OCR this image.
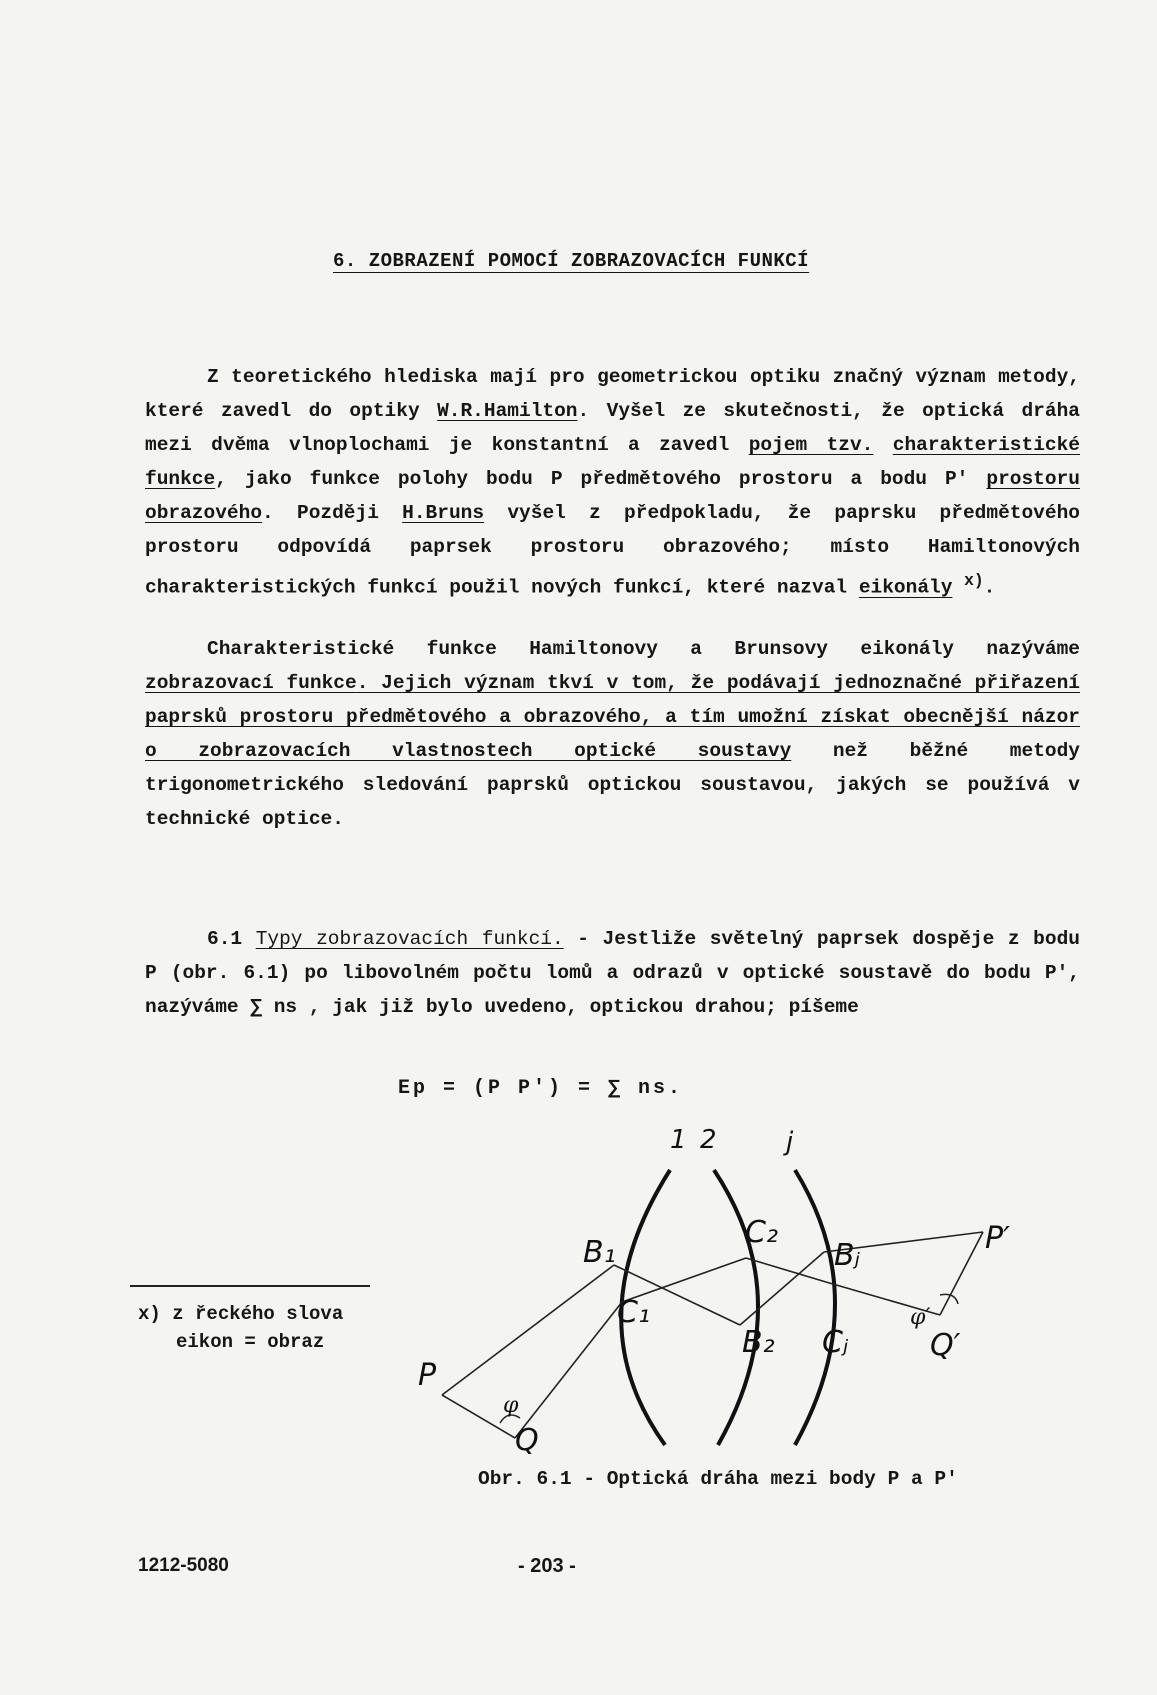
6. ZOBRAZENÍ POMOCÍ ZOBRAZOVACÍCH FUNKCÍ
Z teoretického hlediska mají pro geometrickou optiku značný význam metody, které zavedl do optiky W.R.Hamilton. Vyšel ze skutečnosti, že optická dráha mezi dvěma vlnoplochami je konstantní a zavedl pojem tzv. charakteristické funkce, jako funkce polohy bodu P předmětového prostoru a bodu P′ prostoru obrazového. Později H.Bruns vyšel z předpokladu, že paprsku předmětového prostoru odpovídá paprsek prostoru obrazového; místo Hamiltonových charakteristických funkcí použil nových funkcí, které nazval eikonály $^{x)}$.
Charakteristické funkce Hamiltonovy a Brunsovy eikonály nazýváme zobrazovací funkce. Jejich význam tkví v tom, že podávají jednoznačné přiřazení paprsků prostoru předmětového a obrazového, a tím umožní získat obecnější názor o zobrazovacích vlastnostech optické soustavy než běžné metody trigonometrického sledování paprsků optickou soustavou, jakých se používá v technické optice.
6.1 Typy zobrazovacích funkcí. - Jestliže světelný paprsek dospěje z bodu P (obr. 6.1) po libovolném počtu lomů a odrazů v optické soustavě do bodu P′, nazýváme ∑ ns , jak již bylo uvedeno, optickou drahou; píšeme
Ep = (P P′) = ∑ ns.
x) z řeckého slova
eikon = obraz
1 2	j
P
Q
B₁
C₁
C₂
B₂
Bⱼ
Cⱼ
P′
Q′
φ
φ′
Obr. 6.1 - Optická dráha mezi body P a P′
1212-5080	- 203 -
